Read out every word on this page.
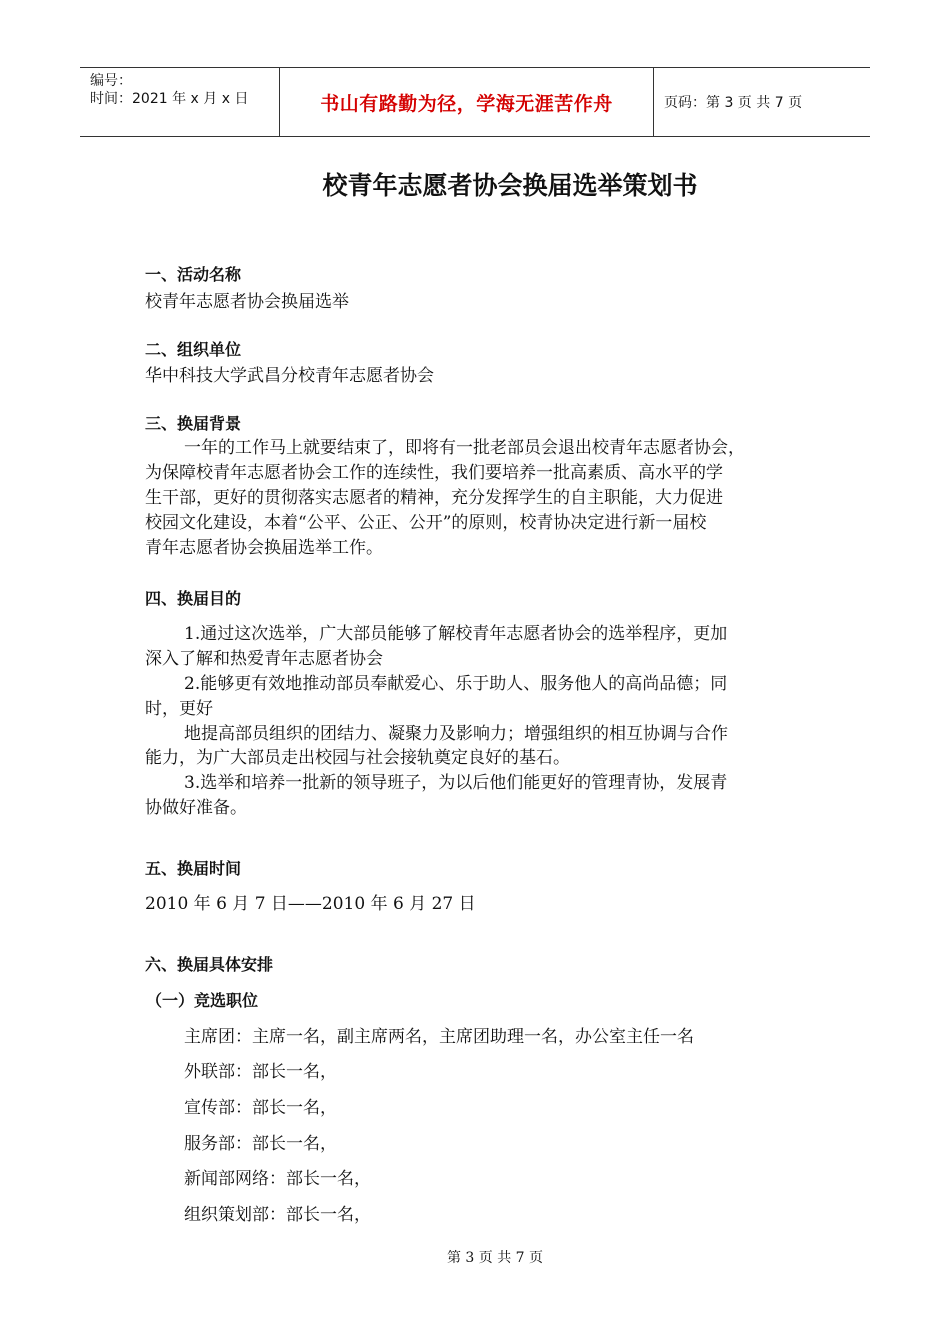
编号：
时间：2021 年 x 月 x 日	书山有路勤为径，学海无涯苦作舟	页码：第 3 页 共 7 页
校青年志愿者协会换届选举策划书
一、活动名称
校青年志愿者协会换届选举
二、组织单位
华中科技大学武昌分校青年志愿者协会
三、换届背景
一年的工作马上就要结束了，即将有一批老部员会退出校青年志愿者协会，
为保障校青年志愿者协会工作的连续性，我们要培养一批高素质、高水平的学
生干部，更好的贯彻落实志愿者的精神，充分发挥学生的自主职能，大力促进
校园文化建设，本着“公平、公正、公开”的原则，校青协决定进行新一届校
青年志愿者协会换届选举工作。
四、换届目的
1.通过这次选举，广大部员能够了解校青年志愿者协会的选举程序，更加
深入了解和热爱青年志愿者协会
2.能够更有效地推动部员奉献爱心、乐于助人、服务他人的高尚品德；同
时，更好
地提高部员组织的团结力、凝聚力及影响力；增强组织的相互协调与合作
能力，为广大部员走出校园与社会接轨奠定良好的基石。
3.选举和培养一批新的领导班子，为以后他们能更好的管理青协，发展青
协做好准备。
五、换届时间
2010 年 6 月 7 日——2010 年 6 月 27 日
六、换届具体安排
（一）竞选职位
主席团：主席一名，副主席两名，主席团助理一名，办公室主任一名
外联部：部长一名，
宣传部：部长一名，
服务部：部长一名，
新闻部网络：部长一名，
组织策划部：部长一名，
第 3 页 共 7 页
